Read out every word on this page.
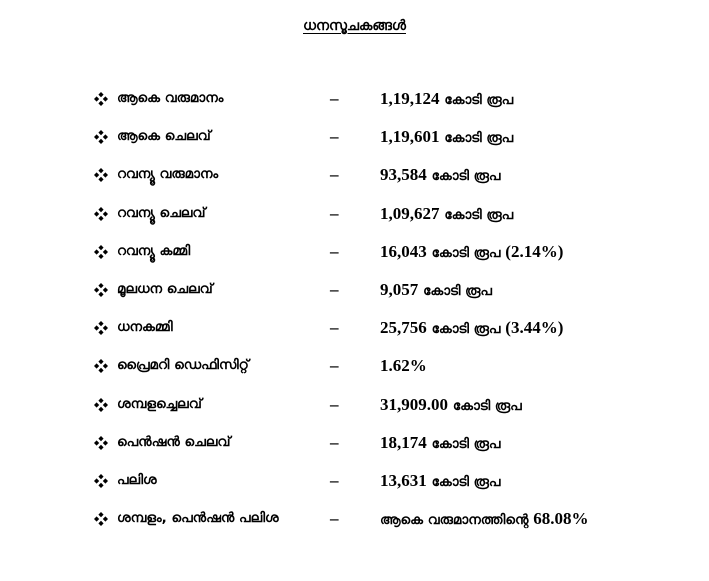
ധനസൂചകങ്ങൾ
ആകെ വരുമാനം	– 1,19,124 കോടി രൂപ
ആകെ ചെലവ്	– 1,19,601 കോടി രൂപ
റവന്യൂ വരുമാനം	– 93,584 കോടി രൂപ
റവന്യൂ ചെലവ്	– 1,09,627 കോടി രൂപ
റവന്യൂ കമ്മി	– 16,043 കോടി രൂപ (2.14%)
മൂലധന ചെലവ്	– 9,057 കോടി രൂപ
ധനകമ്മി	– 25,756 കോടി രൂപ (3.44%)
പ്രൈമറി ഡെഫിസിറ്റ്	– 1.62%
ശമ്പളച്ചെലവ്	– 31,909.00 കോടി രൂപ
പെൻഷൻ ചെലവ്	– 18,174 കോടി രൂപ
പലിശ	– 13,631 കോടി രൂപ
ശമ്പളം, പെൻഷൻ പലിശ	–	ആകെ വരുമാനത്തിന്റെ 68.08%
